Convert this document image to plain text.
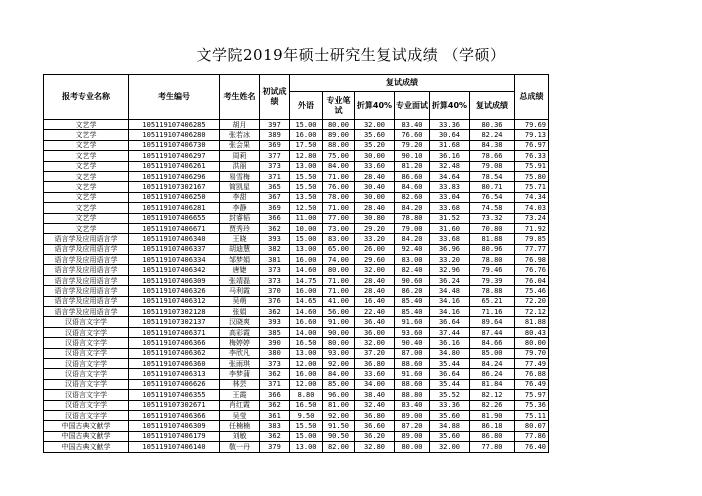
文学院2019年硕士研究生复试成绩 （学硕）
报考专业名称	考生编号	考生姓名	初试成绩	复试成绩						总成绩
				外语	专业笔试	折算40%	专业面试	折算40%	复试成绩	
文艺学	105119107406285	胡月	397	15.00	80.00	32.00	83.40	33.36	80.36	79.69
文艺学	105119107406280	张若冰	389	16.00	89.00	35.60	76.60	30.64	82.24	79.13
文艺学	105119107406730	张会果	369	17.50	88.00	35.20	79.20	31.68	84.38	76.97
文艺学	105119107406297	周莉	377	12.80	75.00	30.00	90.10	36.16	78.66	76.33
文艺学	105119107406261	洪丽	373	13.00	84.00	33.60	81.20	32.48	79.08	75.91
文艺学	105119107406296	易雪梅	371	15.50	71.00	28.40	86.60	34.64	78.54	75.80
文艺学	105119107302167	简凯星	365	15.50	76.00	30.40	84.60	33.83	80.71	75.71
文艺学	105119107406250	李甜	367	13.50	78.00	30.00	82.60	33.04	76.54	74.34
文艺学	105119107406281	李静	369	12.50	71.00	28.40	84.20	33.68	74.58	74.03
文艺学	105119107406655	封睿韬	366	11.00	77.00	30.80	78.80	31.52	73.32	73.24
文艺学	105119107406671	贾秀玲	362	10.00	73.00	29.20	79.00	31.60	70.80	71.92
语言学及应用语言学	105119107406340	王晓	393	15.00	83.00	33.20	84.20	33.68	81.88	79.85
语言学及应用语言学	105119107406337	胡迪慧	382	13.00	65.00	26.00	92.40	36.96	80.96	77.77
语言学及应用语言学	105119107406334	邹梦娟	381	16.00	74.00	29.60	83.00	33.20	78.80	76.98
语言学及应用语言学	105119107406342	唐婕	373	14.60	80.00	32.00	82.40	32.96	79.46	76.76
语言学及应用语言学	105119107406309	张靖磊	373	14.75	71.00	28.40	90.60	36.24	79.39	76.04
语言学及应用语言学	105119107406326	马利霞	370	16.00	71.00	28.40	86.20	34.48	78.88	75.46
语言学及应用语言学	105119107406312	吴萌	376	14.65	41.00	16.40	85.40	34.16	65.21	72.20
语言学及应用语言学	105119107302128	张娟	362	14.60	56.00	22.40	85.40	34.16	71.16	72.12
汉语言文字学	105119107302137	汉晓爽	393	16.60	91.00	36.40	91.60	36.64	89.64	81.88
汉语言文字学	105119107406371	高彩霞	385	14.00	90.00	36.00	93.60	37.44	87.44	80.43
汉语言文字学	105119107406366	梅婷婷	390	16.50	80.00	32.00	90.40	36.16	84.66	80.00
汉语言文字学	105119107406362	李欣凡	380	13.00	93.00	37.20	87.00	34.80	85.00	79.70
汉语言文字学	105119107406360	张雨琪	373	12.00	92.00	36.80	88.60	35.44	84.24	77.49
汉语言文字学	105119107406313	李梦蒲	362	16.00	84.00	33.60	91.60	36.64	86.24	76.88
汉语言文字学	105119107406626	林芸	371	12.00	85.00	34.00	88.60	35.44	81.84	76.49
汉语言文字学	105119107406355	王霞	366	8.80	96.00	38.40	88.80	35.52	82.12	75.97
汉语言文字学	105119107302671	肖红霞	362	16.50	81.00	32.40	83.40	33.36	82.26	75.36
汉语言文字学	105119107406366	吴莹	361	9.50	92.00	36.80	89.00	35.60	81.90	75.11
中国古典文献学	105119107406309	任楠楠	383	15.50	91.50	36.60	87.20	34.88	86.18	80.07
中国古典文献学	105119107406179	刘敏	362	15.00	90.50	36.20	89.00	35.60	86.80	77.86
中国古典文献学	105119107406140	敬一丹	379	13.00	82.00	32.80	80.00	32.00	77.80	76.40
